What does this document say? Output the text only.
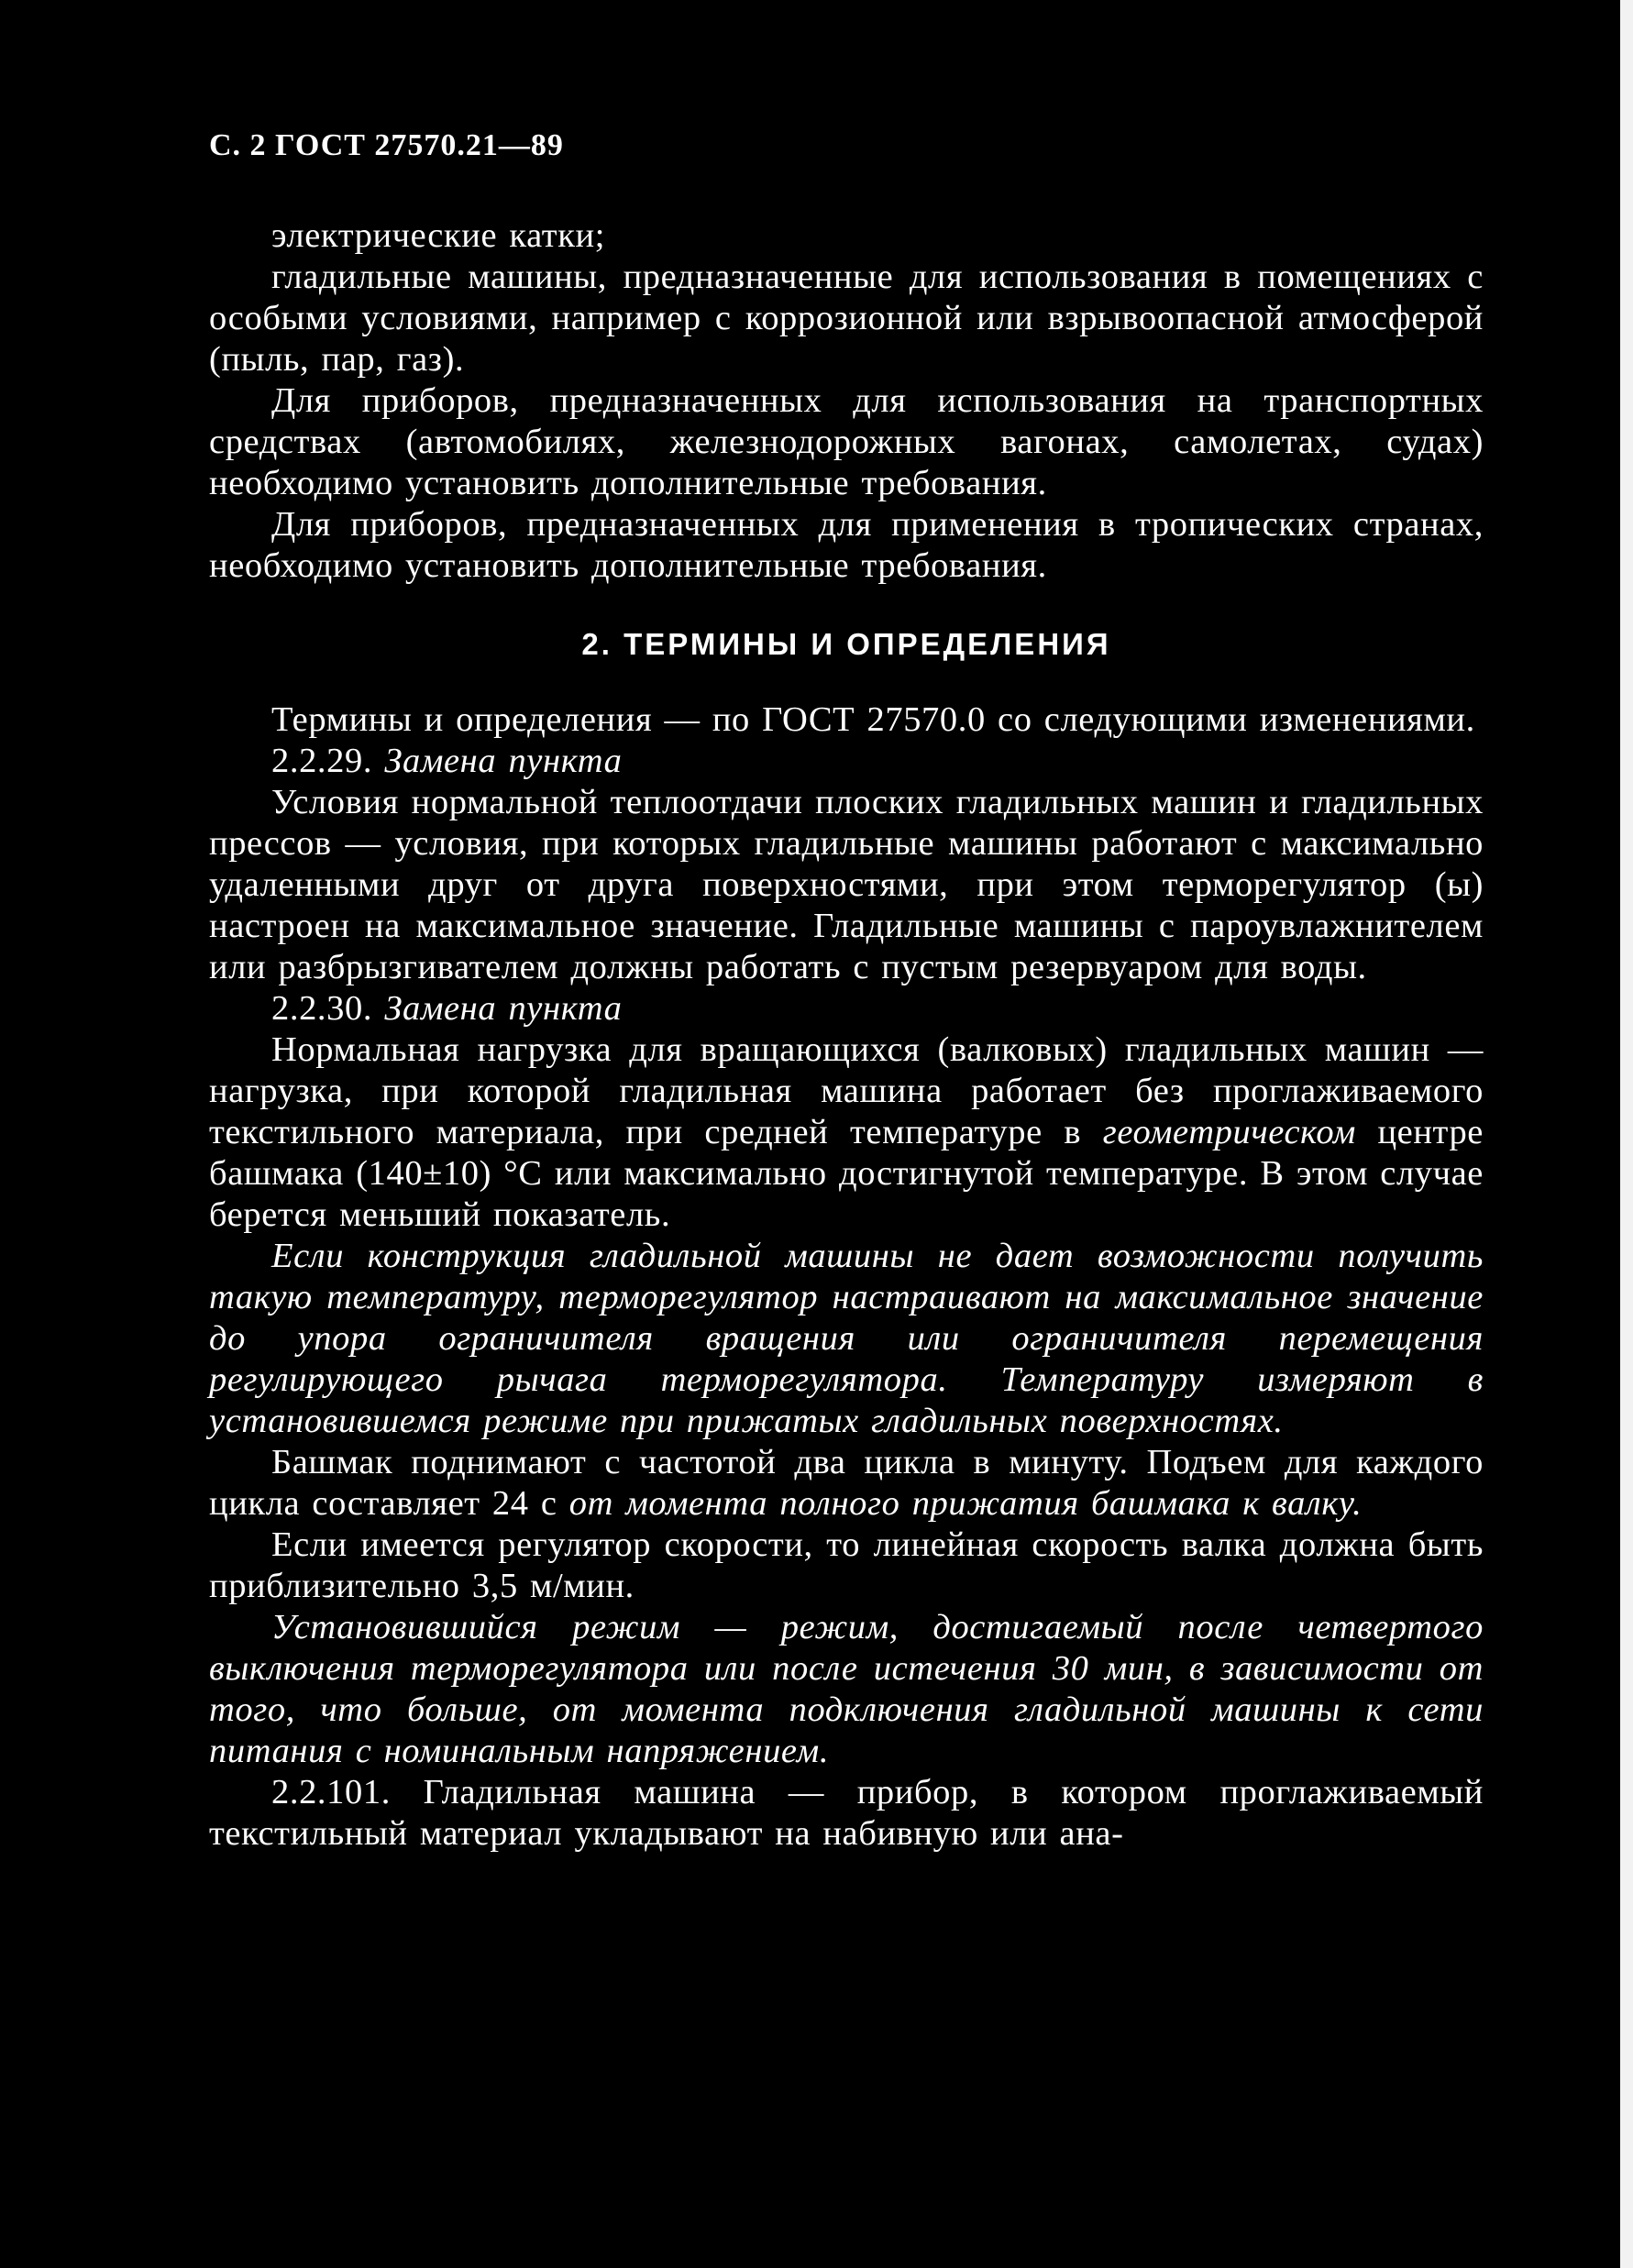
С. 2 ГОСТ 27570.21—89

электрические катки;

гладильные машины, предназначенные для использования в помещениях с особыми условиями, например с коррозионной или взрывоопасной атмосферой (пыль, пар, газ).

Для приборов, предназначенных для использования на транспортных средствах (автомобилях, железнодорожных вагонах, самолетах, судах) необходимо установить дополнительные требования.

Для приборов, предназначенных для применения в тропических странах, необходимо установить дополнительные требования.

2. ТЕРМИНЫ И ОПРЕДЕЛЕНИЯ

Термины и определения — по ГОСТ 27570.0 со следующими изменениями.

2.2.29. Замена пункта

Условия нормальной теплоотдачи плоских гладильных машин и гладильных прессов — условия, при которых гладильные машины работают с максимально удаленными друг от друга поверхностями, при этом терморегулятор (ы) настроен на максимальное значение. Гладильные машины с пароувлажнителем или разбрызгивателем должны работать с пустым резервуаром для воды.

2.2.30. Замена пункта

Нормальная нагрузка для вращающихся (валковых) гладильных машин — нагрузка, при которой гладильная машина работает без проглаживаемого текстильного материала, при средней температуре в геометрическом центре башмака (140±10) °С или максимально достигнутой температуре. В этом случае берется меньший показатель.

Если конструкция гладильной машины не дает возможности получить такую температуру, терморегулятор настраивают на максимальное значение до упора ограничителя вращения или ограничителя перемещения регулирующего рычага терморегулятора. Температуру измеряют в установившемся режиме при прижатых гладильных поверхностях.

Башмак поднимают с частотой два цикла в минуту. Подъем для каждого цикла составляет 24 с от момента полного прижатия башмака к валку.

Если имеется регулятор скорости, то линейная скорость валка должна быть приблизительно 3,5 м/мин.

Установившийся режим — режим, достигаемый после четвертого выключения терморегулятора или после истечения 30 мин, в зависимости от того, что больше, от момента подключения гладильной машины к сети питания с номинальным напряжением.

2.2.101. Гладильная машина — прибор, в котором проглаживаемый текстильный материал укладывают на набивную или ана-
